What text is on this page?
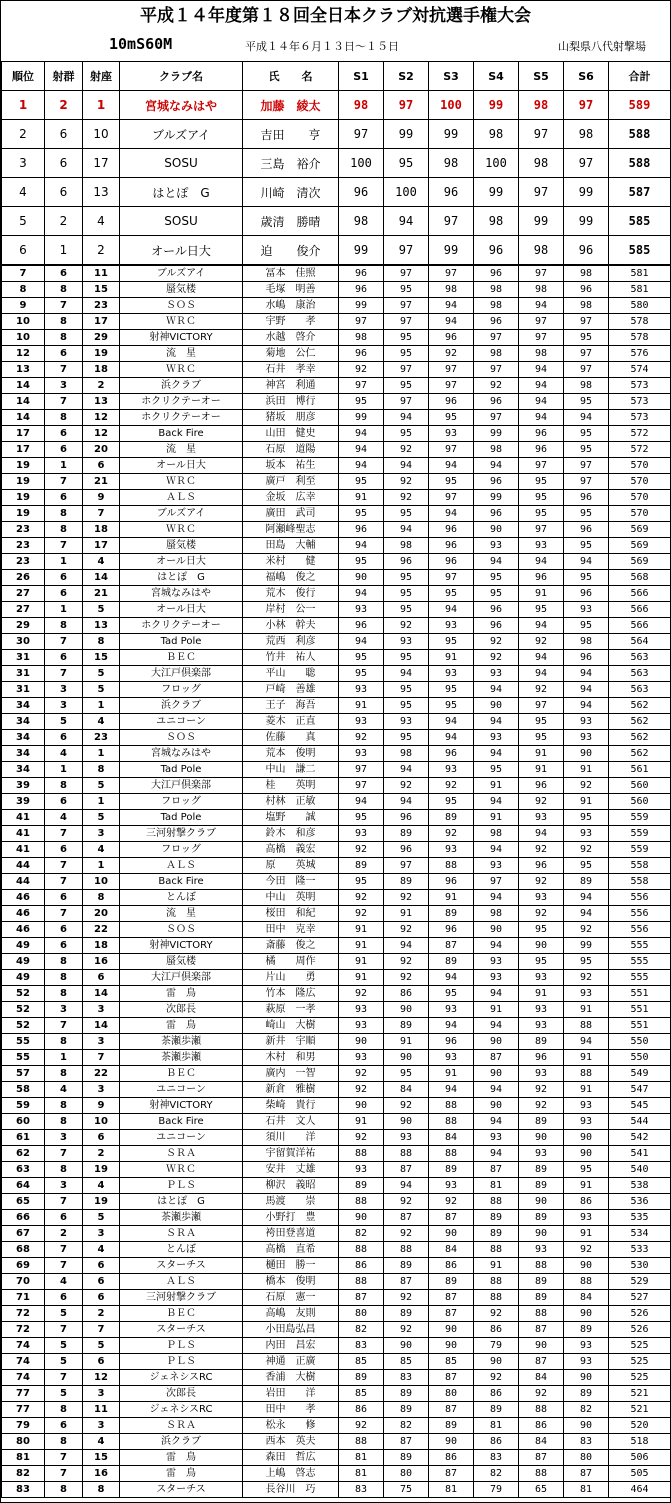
平成１４年度第１８回全日本クラブ対抗選手権大会
10mS60M	平成１４年６月１３日～１５日	山梨県八代射撃場
順位	射群	射座	クラブ名	氏　　名	S1	S2	S3	S4	S5	S6	合計
1	2	1	宮城なみはや	加藤　綾太	98	97	100	99	98	97	589
2	6	10	ブルズアイ	吉田　　亨	97	99	99	98	97	98	588
3	6	17	SOSU	三島　裕介	100	95	98	100	98	97	588
4	6	13	はとぽ　G	川崎　清次	96	100	96	99	97	99	587
5	2	4	SOSU	歳清　勝晴	98	94	97	98	99	99	585
6	1	2	オール日大	迫　　俊介	99	97	99	96	98	96	585
7	6	11	ブルズアイ	冨本　佳照	96	97	97	96	97	98	581
8	8	15	蜃気楼	毛塚　明善	96	95	98	98	98	96	581
9	7	23	ＳＯＳ	水嶋　康治	99	97	94	98	94	98	580
10	8	17	ＷＲＣ	宇野　　孝	97	97	94	96	97	97	578
10	8	29	射神VICTORY	水越　啓介	98	95	96	97	97	95	578
12	6	19	流　星	菊地　公仁	96	95	92	98	98	97	576
13	7	18	ＷＲＣ	石井　孝幸	92	97	97	97	94	97	574
14	3	2	浜クラブ	神宮　利通	97	95	97	92	94	98	573
14	7	13	ホクリクテーオー	浜田　博行	95	97	96	96	94	95	573
14	8	12	ホクリクテーオー	猪坂　朋彦	99	94	95	97	94	94	573
17	6	12	Back Fire	山田　健史	94	95	93	99	96	95	572
17	6	20	流　星	石原　道陽	94	92	97	98	96	95	572
19	1	6	オール日大	坂本　祐生	94	94	94	94	97	97	570
19	7	21	ＷＲＣ	廣戸　利至	95	92	95	96	95	97	570
19	6	9	ＡＬＳ	金坂　広幸	91	92	97	99	95	96	570
19	8	7	ブルズアイ	廣田　武司	95	95	94	96	95	95	570
23	8	18	ＷＲＣ	阿瀬峰聖志	96	94	96	90	97	96	569
23	7	17	蜃気楼	田島　大輔	94	98	96	93	93	95	569
23	1	4	オール日大	米村　　健	95	96	96	94	94	94	569
26	6	14	はとぽ　G	福嶋　俊之	90	95	97	95	96	95	568
27	6	21	宮城なみはや	荒木　俊行	94	95	95	95	91	96	566
27	1	5	オール日大	岸村　公一	93	95	94	96	95	93	566
29	8	13	ホクリクテーオー	小林　幹夫	96	92	93	96	94	95	566
30	7	8	Tad Pole	荒西　利彦	94	93	95	92	92	98	564
31	6	15	ＢＥＣ	竹井　祐人	95	95	91	92	94	96	563
31	7	5	大江戸倶楽部	平山　　聡	95	94	93	93	94	94	563
31	3	5	フロッグ	戸崎　善雄	93	95	95	94	92	94	563
34	3	1	浜クラブ	王子　海吾	91	95	95	90	97	94	562
34	5	4	ユニコーン	菱木　正直	93	93	94	94	95	93	562
34	6	23	ＳＯＳ	佐藤　　真	92	95	94	93	95	93	562
34	4	1	宮城なみはや	荒本　俊明	93	98	96	94	91	90	562
34	1	8	Tad Pole	中山　謙二	97	94	93	95	91	91	561
39	8	5	大江戸倶楽部	桂　　英明	97	92	92	91	96	92	560
39	6	1	フロッグ	村林　正敏	94	94	95	94	92	91	560
41	4	5	Tad Pole	塩野　　誠	95	96	89	91	93	95	559
41	7	3	三河射撃クラブ	鈴木　和彦	93	89	92	98	94	93	559
41	6	4	フロッグ	高橋　義宏	92	96	93	94	92	92	559
44	7	1	ＡＬＳ	原　　英城	89	97	88	93	96	95	558
44	7	10	Back Fire	今田　隆一	95	89	96	97	92	89	558
46	6	8	とんぼ	中山　英明	92	92	91	94	93	94	556
46	7	20	流　星	桜田　和紀	92	91	89	98	92	94	556
46	6	22	ＳＯＳ	田中　克幸	91	92	96	90	95	92	556
49	6	18	射神VICTORY	斎藤　俊之	91	94	87	94	90	99	555
49	8	16	蜃気楼	橘　　周作	91	92	89	93	95	95	555
49	8	6	大江戸倶楽部	片山　　勇	91	92	94	93	93	92	555
52	8	14	雷　鳥	竹本　隆広	92	86	95	94	91	93	551
52	3	3	次郎長	萩原　一孝	93	90	93	91	93	91	551
52	7	14	雷　鳥	崎山　大樹	93	89	94	94	93	88	551
55	8	3	茶瀬歩瀬	新井　宇順	90	91	96	90	89	94	550
55	1	7	茶瀬歩瀬	木村　和男	93	90	93	87	96	91	550
57	8	22	ＢＥＣ	廣内　一智	92	95	91	90	93	88	549
58	4	3	ユニコーン	新倉　雅樹	92	84	94	94	92	91	547
59	8	9	射神VICTORY	柴崎　貴行	90	92	88	90	92	93	545
60	8	10	Back Fire	石井　文人	91	90	88	94	89	93	544
61	3	6	ユニコーン	須川　　洋	92	93	84	93	90	90	542
62	7	2	ＳＲＡ	宇留賀洋祐	88	88	88	94	93	90	541
63	8	19	ＷＲＣ	安井　丈雄	93	87	89	87	89	95	540
64	3	4	ＰＬＳ	柳沢　義昭	89	94	93	81	89	91	538
65	7	19	はとぽ　G	馬渡　　崇	88	92	92	88	90	86	536
66	6	5	茶瀬歩瀬	小野打　豊	90	87	87	89	89	93	535
67	2	3	ＳＲＡ	袴田登喜道	82	92	90	89	90	91	534
68	7	4	とんぼ	高橋　直希	88	88	84	88	93	92	533
69	7	6	スターチス	樋田　勝一	86	89	86	91	88	90	530
70	4	6	ＡＬＳ	橋本　俊明	88	87	89	88	89	88	529
71	6	6	三河射撃クラブ	石原　憲一	87	92	87	88	89	84	527
72	5	2	ＢＥＣ	高嶋　友則	80	89	87	92	88	90	526
72	7	7	スターチス	小田島弘昌	82	92	90	86	87	89	526
74	5	5	ＰＬＳ	内田　昌宏	83	90	90	79	90	93	525
74	5	6	ＰＬＳ	神通　正廣	85	85	85	90	87	93	525
74	7	12	ジェネシスRC	香浦　大樹	89	83	87	92	84	90	525
77	5	3	次郎長	岩田　　洋	85	89	80	86	92	89	521
77	8	11	ジェネシスRC	田中　　孝	86	89	87	89	88	82	521
79	6	3	ＳＲＡ	松永　　修	92	82	89	81	86	90	520
80	8	4	浜クラブ	西本　英夫	88	87	90	86	84	83	518
81	7	15	雷　鳥	森田　哲広	81	89	86	83	87	80	506
82	7	16	雷　鳥	上嶋　啓志	81	80	87	82	88	87	505
83	8	8	スターチス	長谷川　巧	83	75	81	79	65	81	464
